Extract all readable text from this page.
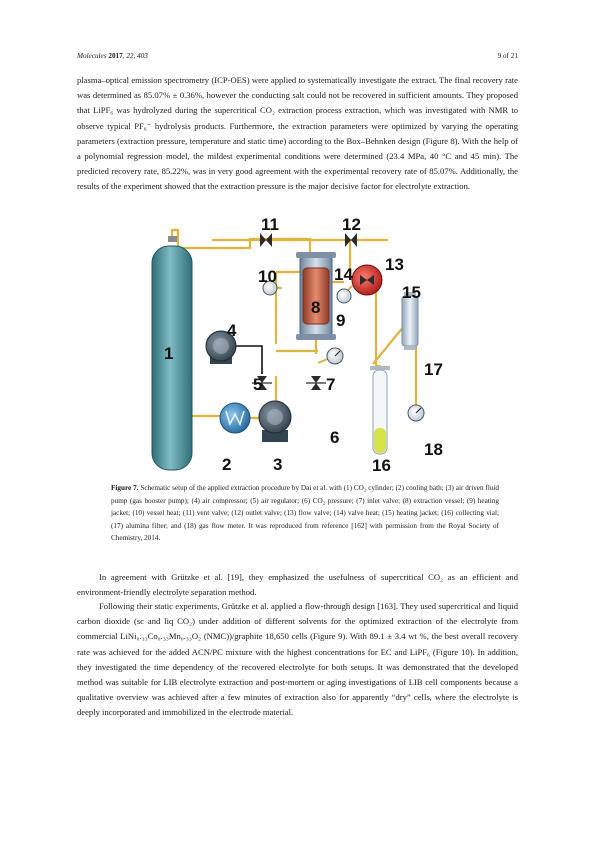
Molecules 2017, 22, 403	9 of 21

plasma–optical emission spectrometry (ICP-OES) were applied to systematically investigate the extract. The final recovery rate was determined as 85.07% ± 0.36%, however the conducting salt could not be recovered in sufficient amounts. They proposed that LiPF₆ was hydrolyzed during the supercritical CO₂ extraction process extraction, which was investigated with NMR to observe typical PF₆⁻ hydrolysis products. Furthermore, the extraction parameters were optimized by varying the operating parameters (extraction pressure, temperature and static time) according to the Box–Behnken design (Figure 8). With the help of a polynomial regression model, the mildest experimental conditions were determined (23.4 MPa, 40 °C and 45 min). The predicted recovery rate, 85.22%, was in very good agreement with the experimental recovery rate of 85.07%. Additionally, the results of the experiment showed that the extraction pressure is the major decisive factor for electrolyte extraction.

1
2 3
4
5
6
7
8
9
10
11	12
13
14
15
16
17
18

Figure 7. Schematic setup of the applied extraction procedure by Dai et al. with (1) CO₂ cylinder; (2) cooling bath; (3) air driven fluid pump (gas booster pump); (4) air compressor; (5) air regulator; (6) CO₂ pressure; (7) inlet valve; (8) extraction vessel; (9) heating jacket; (10) vessel heat; (11) vent valve; (12) outlet valve; (13) flow valve; (14) valve heat; (15) heating jacket; (16) collecting vial; (17) alumina filter; and (18) gas flow meter. It was reproduced from reference [162] with permission from the Royal Society of Chemistry, 2014.

In agreement with Grützke et al. [19], they emphasized the usefulness of supercritical CO₂ as an efficient and environment-friendly electrolyte separation method.

Following their static experiments, Grützke et al. applied a flow-through design [163]. They used supercritical and liquid carbon dioxide (sc and liq CO₂) under addition of different solvents for the optimized extraction of the electrolyte from commercial LiNi₀.₃₃Co₀.₃₃Mn₀.₃₃O₂ (NMC))/graphite 18,650 cells (Figure 9). With 89.1 ± 3.4 wt %, the best overall recovery rate was achieved for the added ACN/PC mixture with the highest concentrations for EC and LiPF₆ (Figure 10). In addition, they investigated the time dependency of the recovered electrolyte for both setups. It was demonstrated that the developed method was suitable for LIB electrolyte extraction and post-mortem or aging investigations of LIB cell components because a qualitative overview was achieved after a few minutes of extraction also for apparently “dry” cells, where the electrolyte is deeply incorporated and immobilized in the electrode material.
